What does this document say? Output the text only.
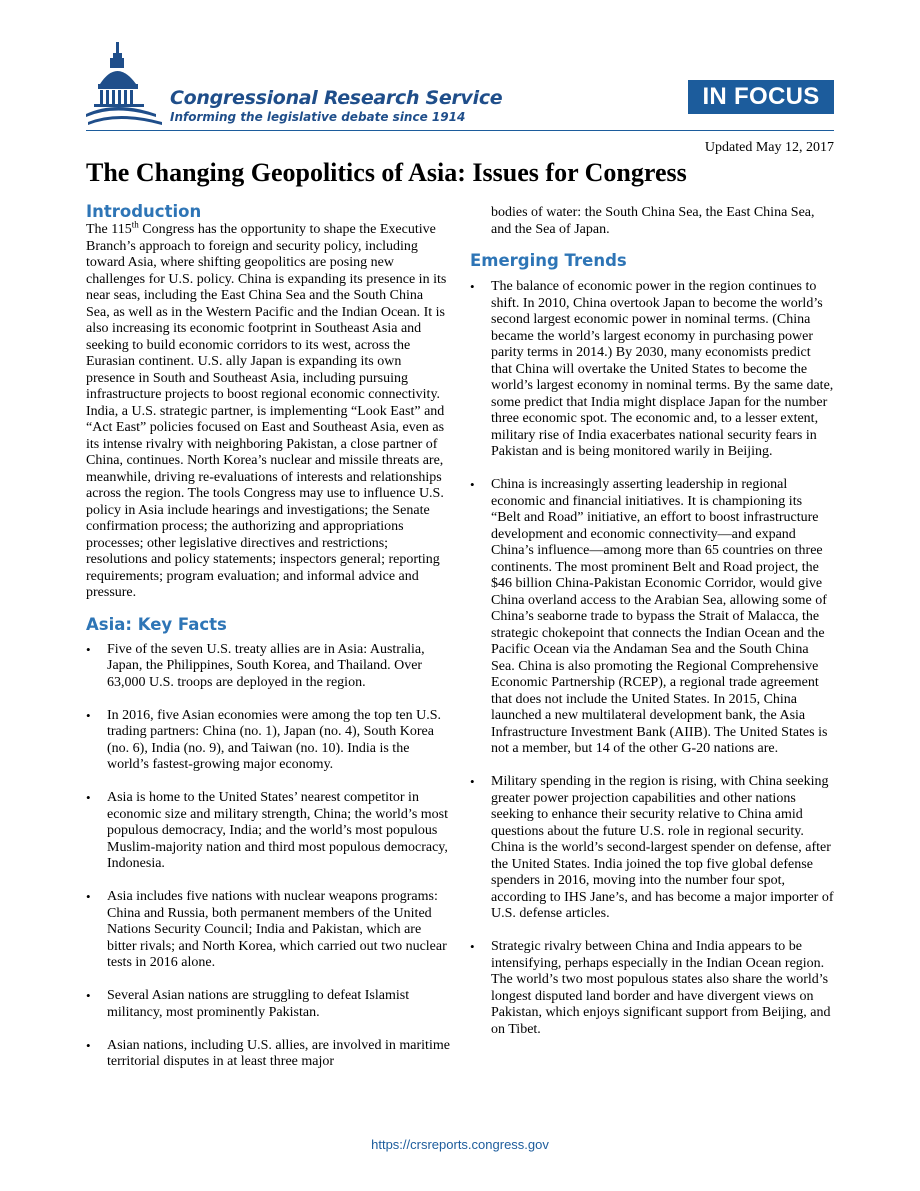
Congressional Research Service
Informing the legislative debate since 1914
IN FOCUS
Updated May 12, 2017
The Changing Geopolitics of Asia: Issues for Congress
Introduction

The 115th Congress has the opportunity to shape the Executive Branch’s approach to foreign and security policy, including toward Asia, where shifting geopolitics are posing new challenges for U.S. policy. China is expanding its presence in its near seas, including the East China Sea and the South China Sea, as well as in the Western Pacific and the Indian Ocean. It is also increasing its economic footprint in Southeast Asia and seeking to build economic corridors to its west, across the Eurasian continent. U.S. ally Japan is expanding its own presence in South and Southeast Asia, including pursuing infrastructure projects to boost regional economic connectivity. India, a U.S. strategic partner, is implementing “Look East” and “Act East” policies focused on East and Southeast Asia, even as its intense rivalry with neighboring Pakistan, a close partner of China, continues. North Korea’s nuclear and missile threats are, meanwhile, driving re-evaluations of interests and relationships across the region. The tools Congress may use to influence U.S. policy in Asia include hearings and investigations; the Senate confirmation process; the authorizing and appropriations processes; other legislative directives and restrictions; resolutions and policy statements; inspectors general; reporting requirements; program evaluation; and informal advice and pressure.

Asia: Key Facts
•	Five of the seven U.S. treaty allies are in Asia: Australia, Japan, the Philippines, South Korea, and Thailand. Over 63,000 U.S. troops are deployed in the region.
•	In 2016, five Asian economies were among the top ten U.S. trading partners: China (no. 1), Japan (no. 4), South Korea (no. 6), India (no. 9), and Taiwan (no. 10). India is the world’s fastest-growing major economy.
•	Asia is home to the United States’ nearest competitor in economic size and military strength, China; the world’s most populous democracy, India; and the world’s most populous Muslim-majority nation and third most populous democracy, Indonesia.
•	Asia includes five nations with nuclear weapons programs: China and Russia, both permanent members of the United Nations Security Council; India and Pakistan, which are bitter rivals; and North Korea, which carried out two nuclear tests in 2016 alone.
•	Several Asian nations are struggling to defeat Islamist militancy, most prominently Pakistan.
•	Asian nations, including U.S. allies, are involved in maritime territorial disputes in at least three major

bodies of water: the South China Sea, the East China Sea, and the Sea of Japan.

Emerging Trends
•	The balance of economic power in the region continues to shift. In 2010, China overtook Japan to become the world’s second largest economic power in nominal terms. (China became the world’s largest economy in purchasing power parity terms in 2014.) By 2030, many economists predict that China will overtake the United States to become the world’s largest economy in nominal terms. By the same date, some predict that India might displace Japan for the number three economic spot. The economic and, to a lesser extent, military rise of India exacerbates national security fears in Pakistan and is being monitored warily in Beijing.
•	China is increasingly asserting leadership in regional economic and financial initiatives. It is championing its “Belt and Road” initiative, an effort to boost infrastructure development and economic connectivity—and expand China’s influence—among more than 65 countries on three continents. The most prominent Belt and Road project, the $46 billion China-Pakistan Economic Corridor, would give China overland access to the Arabian Sea, allowing some of China’s seaborne trade to bypass the Strait of Malacca, the strategic chokepoint that connects the Indian Ocean and the Pacific Ocean via the Andaman Sea and the South China Sea. China is also promoting the Regional Comprehensive Economic Partnership (RCEP), a regional trade agreement that does not include the United States. In 2015, China launched a new multilateral development bank, the Asia Infrastructure Investment Bank (AIIB). The United States is not a member, but 14 of the other G-20 nations are.
•	Military spending in the region is rising, with China seeking greater power projection capabilities and other nations seeking to enhance their security relative to China amid questions about the future U.S. role in regional security. China is the world’s second-largest spender on defense, after the United States. India joined the top five global defense spenders in 2016, moving into the number four spot, according to IHS Jane’s, and has become a major importer of U.S. defense articles.
•	Strategic rivalry between China and India appears to be intensifying, perhaps especially in the Indian Ocean region. The world’s two most populous states also share the world’s longest disputed land border and have divergent views on Pakistan, which enjoys significant support from Beijing, and on Tibet.
https://crsreports.congress.gov
